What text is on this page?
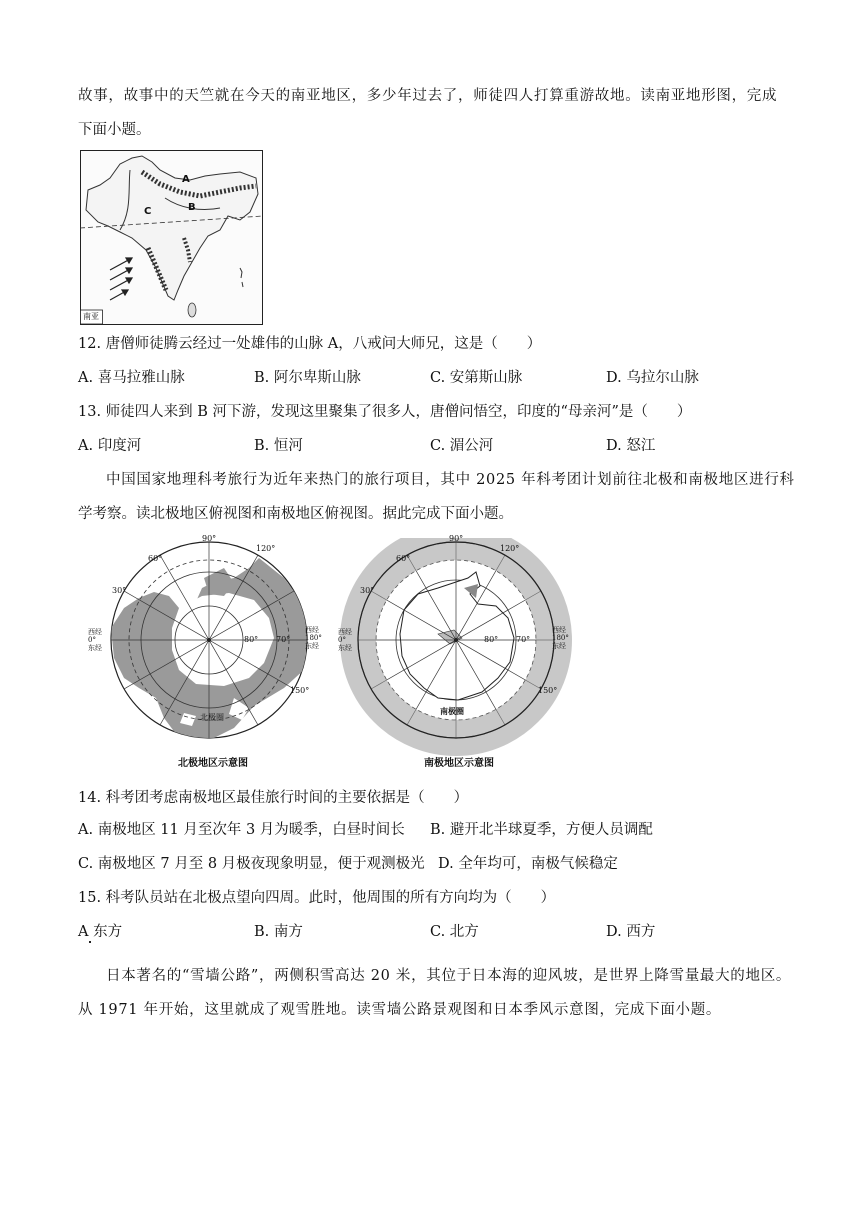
故事，故事中的天竺就在今天的南亚地区，多少年过去了，师徒四人打算重游故地。读南亚地形图，完成
下面小题。
南亚
A
B
C
12. 唐僧师徒腾云经过一处雄伟的山脉 A，八戒问大师兄，这是（　　）
A. 喜马拉雅山脉	B. 阿尔卑斯山脉	C. 安第斯山脉	D. 乌拉尔山脉
13. 师徒四人来到 B 河下游，发现这里聚集了很多人，唐僧问悟空，印度的“母亲河”是（　　）
A. 印度河	B. 恒河	C. 湄公河	D. 怒江
中国国家地理科考旅行为近年来热门的旅行项目，其中 2025 年科考团计划前往北极和南极地区进行科
学考察。读北极地区俯视图和南极地区俯视图。据此完成下面小题。
90°
120°
150°
60°
30°
80° 70°
西经
0°
东经
西经
180°
东经
北极圈
北极地区示意图
90°
120°
150°
60°
30°
80° 70°
西经
0°
东经
西经
180°
东经
南极圈
南极地区示意图
14. 科考团考虑南极地区最佳旅行时间的主要依据是（　　）
A. 南极地区 11 月至次年 3 月为暖季，白昼时间长 B. 避开北半球夏季，方便人员调配
C. 南极地区 7 月至 8 月极夜现象明显，便于观测极光 D. 全年均可，南极气候稳定
15. 科考队员站在北极点望向四周。此时，他周围的所有方向均为（　　）
A 东方	B. 南方	C. 北方	D. 西方
日本著名的“雪墙公路”，两侧积雪高达 20 米，其位于日本海的迎风坡，是世界上降雪量最大的地区。
从 1971 年开始，这里就成了观雪胜地。读雪墙公路景观图和日本季风示意图，完成下面小题。
